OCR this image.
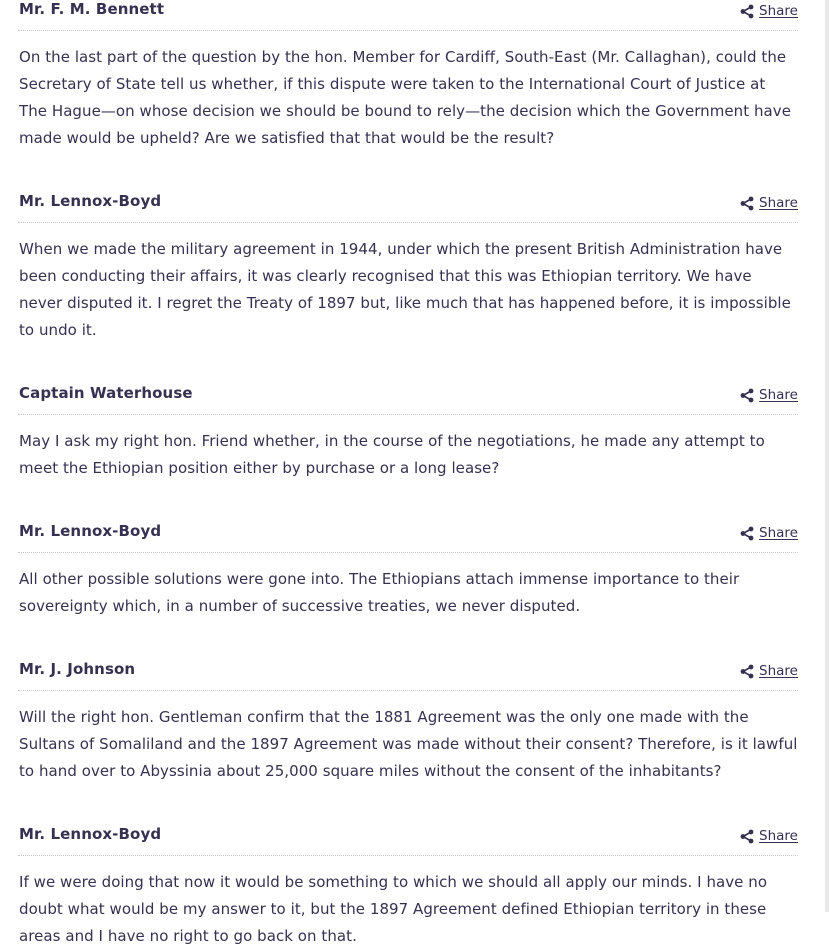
Mr. F. M. Bennett	Share

On the last part of the question by the hon. Member for Cardiff, South-East (Mr. Callaghan), could the Secretary of State tell us whether, if this dispute were taken to the International Court of Justice at The Hague—on whose decision we should be bound to rely—the decision which the Government have made would be upheld? Are we satisfied that that would be the result?

Mr. Lennox-Boyd	Share

When we made the military agreement in 1944, under which the present British Administration have been conducting their affairs, it was clearly recognised that this was Ethiopian territory. We have never disputed it. I regret the Treaty of 1897 but, like much that has happened before, it is impossible to undo it.

Captain Waterhouse	Share

May I ask my right hon. Friend whether, in the course of the negotiations, he made any attempt to meet the Ethiopian position either by purchase or a long lease?

Mr. Lennox-Boyd	Share

All other possible solutions were gone into. The Ethiopians attach immense importance to their sovereignty which, in a number of successive treaties, we never disputed.

Mr. J. Johnson	Share

Will the right hon. Gentleman confirm that the 1881 Agreement was the only one made with the Sultans of Somaliland and the 1897 Agreement was made without their consent? Therefore, is it lawful to hand over to Abyssinia about 25,000 square miles without the consent of the inhabitants?

Mr. Lennox-Boyd	Share

If we were doing that now it would be something to which we should all apply our minds. I have no doubt what would be my answer to it, but the 1897 Agreement defined Ethiopian territory in these areas and I have no right to go back on that.
